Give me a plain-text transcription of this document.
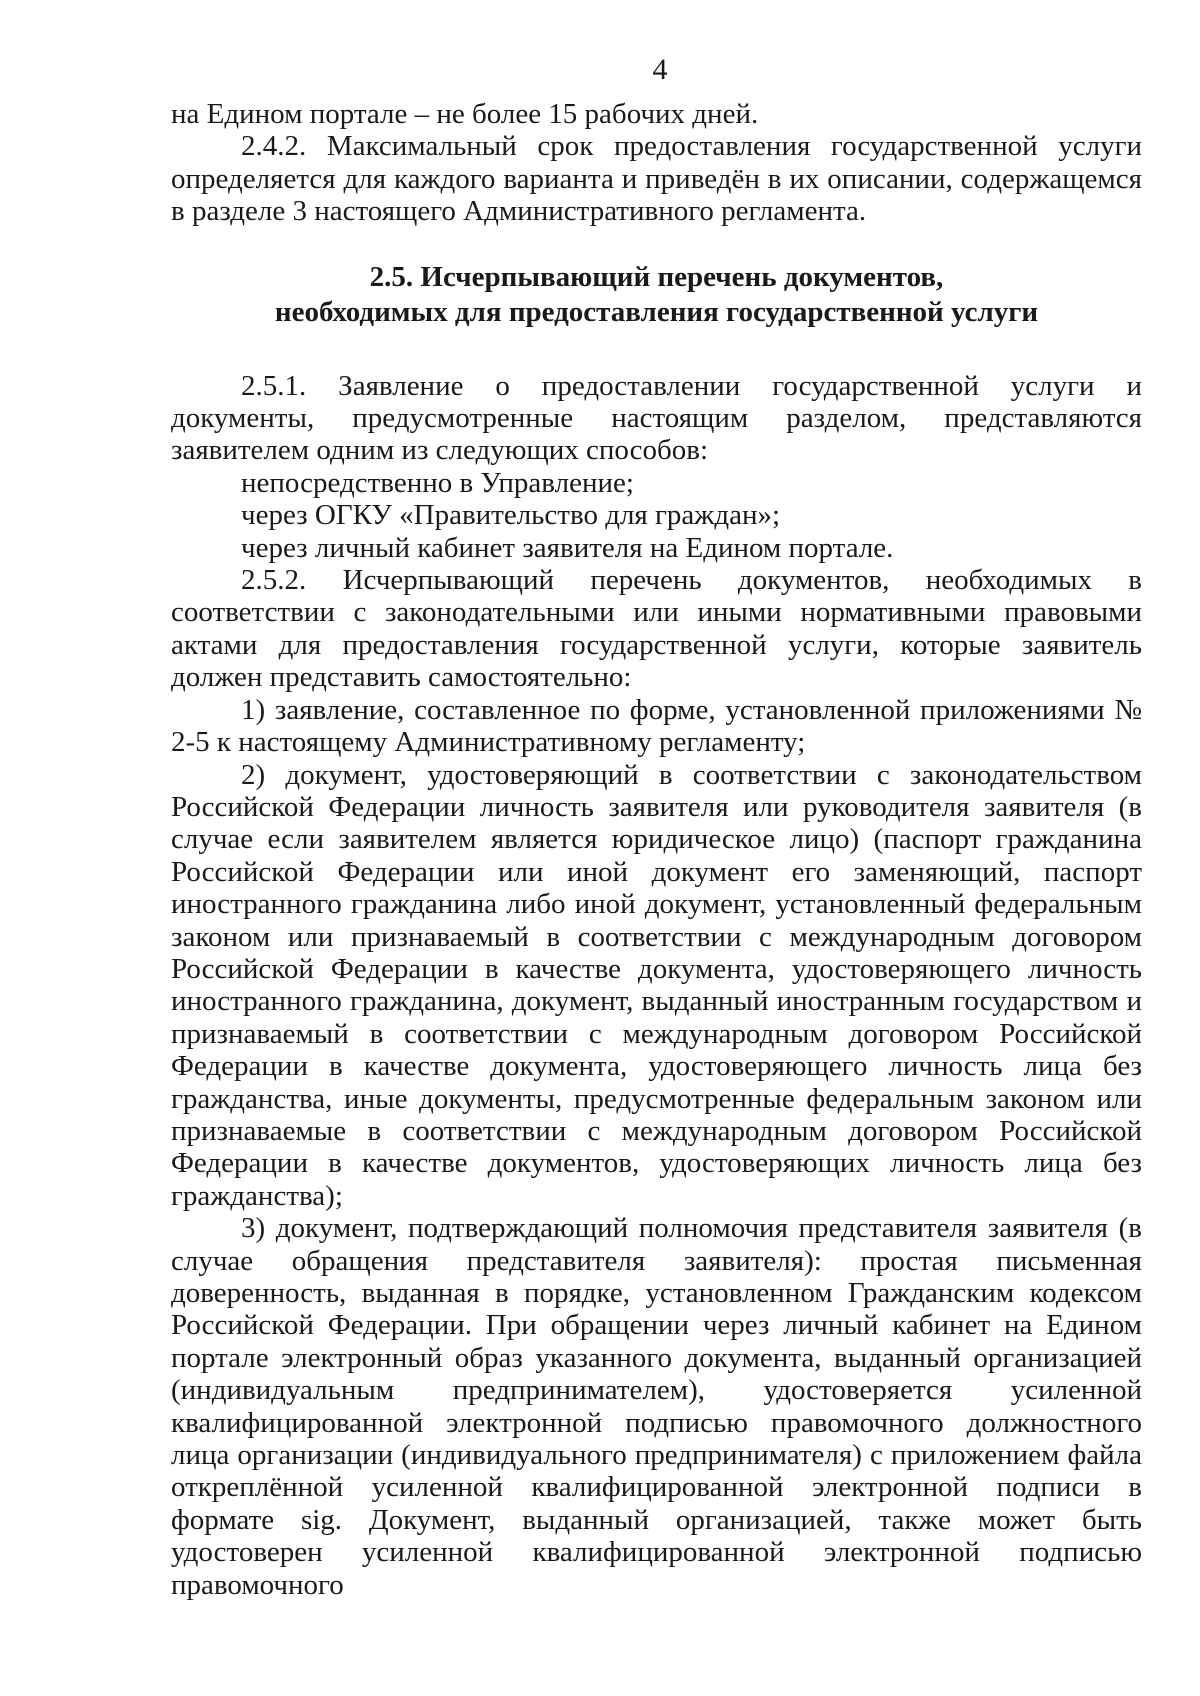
4

на Едином портале – не более 15 рабочих дней.

2.4.2. Максимальный срок предоставления государственной услуги определяется для каждого варианта и приведён в их описании, содержащемся в разделе 3 настоящего Административного регламента.

2.5. Исчерпывающий перечень документов,
необходимых для предоставления государственной услуги

2.5.1. Заявление о предоставлении государственной услуги и документы, предусмотренные настоящим разделом, представляются заявителем одним из следующих способов:

непосредственно в Управление;

через ОГКУ «Правительство для граждан»;

через личный кабинет заявителя на Едином портале.

2.5.2. Исчерпывающий перечень документов, необходимых в соответствии с законодательными или иными нормативными правовыми актами для предоставления государственной услуги, которые заявитель должен представить самостоятельно:

1) заявление, составленное по форме, установленной приложениями № 2-5 к настоящему Административному регламенту;

2) документ, удостоверяющий в соответствии с законодательством Российской Федерации личность заявителя или руководителя заявителя (в случае если заявителем является юридическое лицо) (паспорт гражданина Российской Федерации или иной документ его заменяющий, паспорт иностранного гражданина либо иной документ, установленный федеральным законом или признаваемый в соответствии с международным договором Российской Федерации в качестве документа, удостоверяющего личность иностранного гражданина, документ, выданный иностранным государством и признаваемый в соответствии с международным договором Российской Федерации в качестве документа, удостоверяющего личность лица без гражданства, иные документы, предусмотренные федеральным законом или признаваемые в соответствии с международным договором Российской Федерации в качестве документов, удостоверяющих личность лица без гражданства);

3) документ, подтверждающий полномочия представителя заявителя (в случае обращения представителя заявителя): простая письменная доверенность, выданная в порядке, установленном Гражданским кодексом Российской Федерации. При обращении через личный кабинет на Едином портале электронный образ указанного документа, выданный организацией (индивидуальным предпринимателем), удостоверяется усиленной квалифицированной электронной подписью правомочного должностного лица организации (индивидуального предпринимателя) с приложением файла откреплённой усиленной квалифицированной электронной подписи в формате sig. Документ, выданный организацией, также может быть удостоверен усиленной квалифицированной электронной подписью правомочного
